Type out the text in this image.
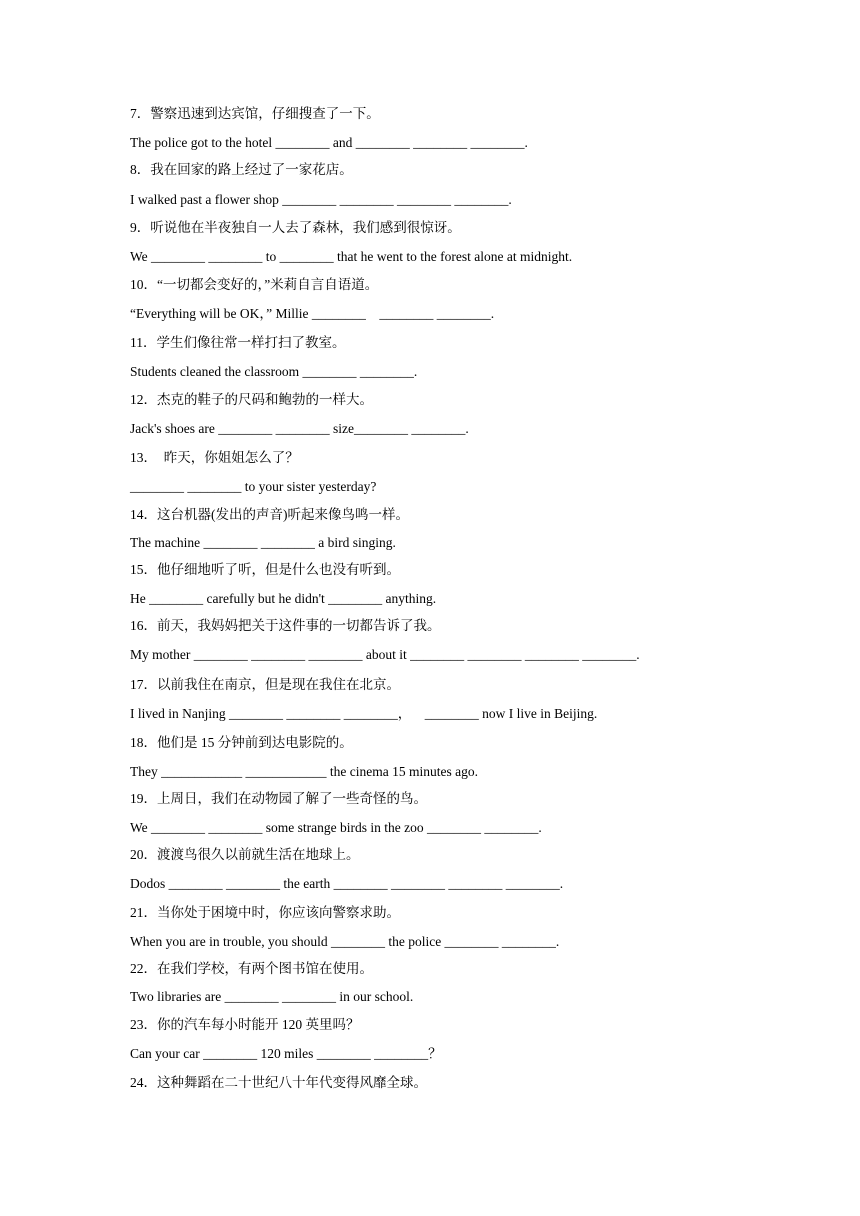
7．警察迅速到达宾馆，仔细搜查了一下。
The police got to the hotel ________ and ________ ________ ________.
8．我在回家的路上经过了一家花店。
I walked past a flower shop ________ ________ ________ ________.
9．听说他在半夜独自一人去了森林，我们感到很惊讶。
We ________ ________ to ________ that he went to the forest alone at midnight.
10．“一切都会变好的，”米莉自言自语道。
“Everything will be OK，” Millie ________    ________ ________.
11．学生们像往常一样打扫了教室。
Students cleaned the classroom ________ ________.
12．杰克的鞋子的尺码和鲍勃的一样大。
Jack's shoes are ________ ________ size________ ________.
13．  昨天，你姐姐怎么了？
________ ________ to your sister yesterday?
14．这台机器(发出的声音)听起来像鸟鸣一样。
The machine ________ ________ a bird singing.
15．他仔细地听了听，但是什么也没有听到。
He ________ carefully but he didn't ________ anything.
16．前天，我妈妈把关于这件事的一切都告诉了我。
My mother ________ ________ ________ about it ________ ________ ________ ________.
17．以前我住在南京，但是现在我住在北京。
I lived in Nanjing ________ ________ ________，    ________ now I live in Beijing.
18．他们是 15 分钟前到达电影院的。
They ____________ ____________ the cinema 15 minutes ago.
19．上周日，我们在动物园了解了一些奇怪的鸟。
We ________ ________ some strange birds in the zoo ________ ________.
20．渡渡鸟很久以前就生活在地球上。
Dodos ________ ________ the earth ________ ________ ________ ________.
21．当你处于困境中时，你应该向警察求助。
When you are in trouble, you should ________ the police ________ ________.
22．在我们学校，有两个图书馆在使用。
Two libraries are ________ ________ in our school.
23．你的汽车每小时能开 120 英里吗？
Can your car ________ 120 miles ________ ________？
24．这种舞蹈在二十世纪八十年代变得风靡全球。
